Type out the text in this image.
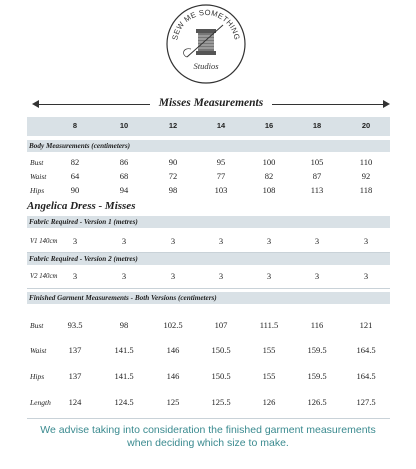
SEW ME SOMETHING
Studios
Misses Measurements
8	10	12	14	16	18	20
Body Measurements (centimeters)
Bust	82	86	90	95	100	105	110
Waist	64	68	72	77	82	87	92
Hips	90	94	98	103	108	113	118
Angelica Dress - Misses
Fabric Required - Version 1 (metres)
V1 140cm	3	3	3	3	3	3	3
Fabric Required - Version 2 (metres)
V2 140cm	3	3	3	3	3	3	3
Finished Garment Measurements - Both Versions (centimeters)
Bust	93.5	98	102.5	107	111.5	116	121
Waist	137	141.5	146	150.5	155	159.5	164.5
Hips	137	141.5	146	150.5	155	159.5	164.5
Length	124	124.5	125	125.5	126	126.5	127.5
We advise taking into consideration the finished garment measurements when deciding which size to make.
